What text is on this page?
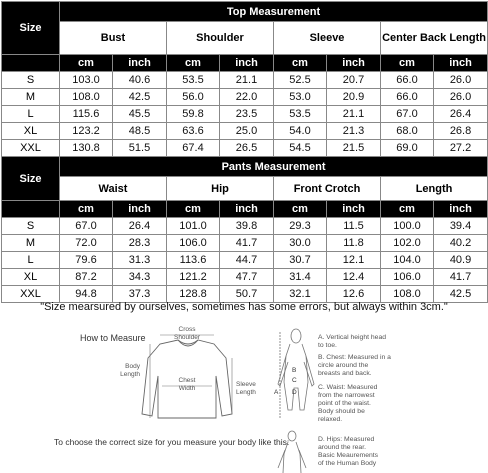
Size	Top Measurement							
	Bust		Shoulder		Sleeve		Center Back Length	
	cm	inch	cm	inch	cm	inch	cm	inch
S	103.0	40.6	53.5	21.1	52.5	20.7	66.0	26.0
M	108.0	42.5	56.0	22.0	53.0	20.9	66.0	26.0
L	115.6	45.5	59.8	23.5	53.5	21.1	67.0	26.4
XL	123.2	48.5	63.6	25.0	54.0	21.3	68.0	26.8
XXL	130.8	51.5	67.4	26.5	54.5	21.5	69.0	27.2
Size	Pants Measurement							
	Waist		Hip		Front Crotch		Length	
	cm	inch	cm	inch	cm	inch	cm	inch
S	67.0	26.4	101.0	39.8	29.3	11.5	100.0	39.4
M	72.0	28.3	106.0	41.7	30.0	11.8	102.0	40.2
L	79.6	31.3	113.6	44.7	30.7	12.1	104.0	40.9
XL	87.2	34.3	121.2	47.7	31.4	12.4	106.0	41.7
XXL	94.8	37.3	128.8	50.7	32.1	12.6	108.0	42.5
"Size mearsured by ourselves, sometimes has some errors, but always within 3cm."
How to Measure
Cross
Shoulder
Body
Length
Chest
Width
Sleeve
Length
B
C
D
A
To choose the correct size for you measure your body like this:
A. Vertical height head
to toe.
B. Chest: Measured in a
circle around the
breasts and back.
C. Waist: Measured
from the narrowest
point of the waist.
Body should be
relaxed.
D. Hips: Measured
around the rear.
Basic Meaurements
of the Human Body
